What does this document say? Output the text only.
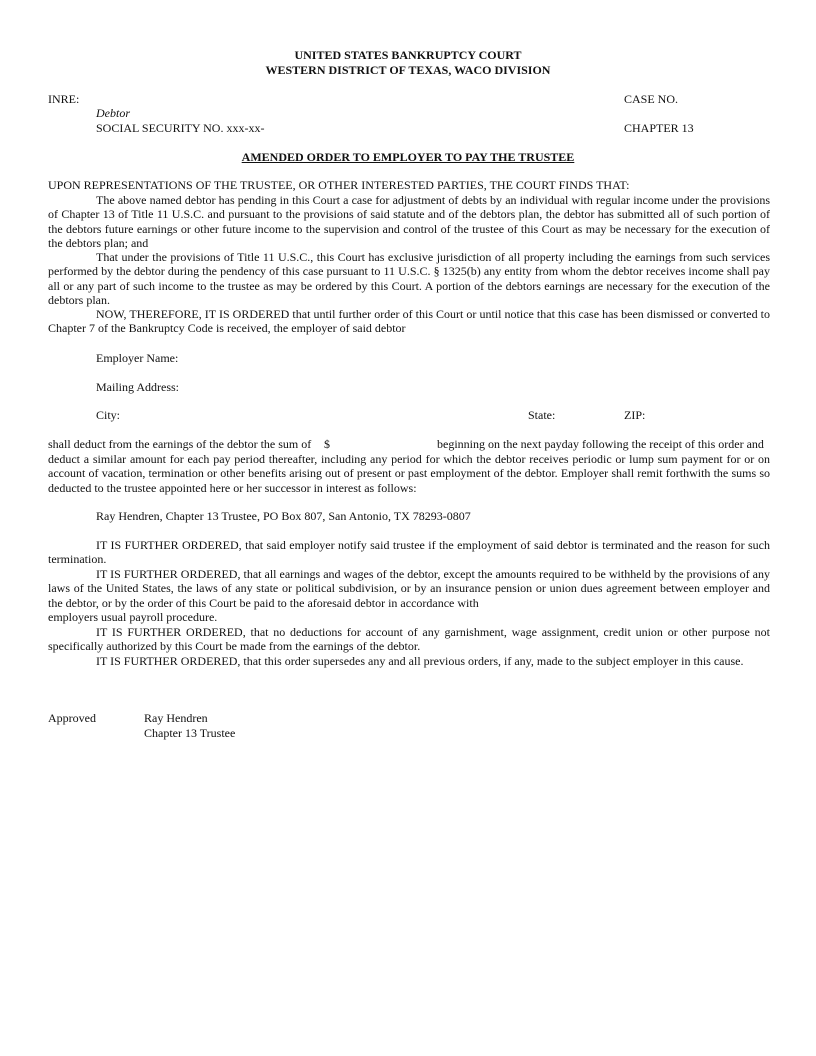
UNITED STATES BANKRUPTCY COURT
WESTERN DISTRICT OF TEXAS, WACO DIVISION
INRE:	CASE NO.
Debtor
SOCIAL SECURITY NO. xxx-xx-	CHAPTER 13
AMENDED ORDER TO EMPLOYER TO PAY THE TRUSTEE
UPON REPRESENTATIONS OF THE TRUSTEE, OR OTHER INTERESTED PARTIES, THE COURT FINDS THAT:
The above named debtor has pending in this Court a case for adjustment of debts by an individual with regular income under the provisions of Chapter 13 of Title 11 U.S.C. and pursuant to the provisions of said statute and of the debtors plan, the debtor has submitted all of such portion of the debtors future earnings or other future income to the supervision and control of the trustee of this Court as may be necessary for the execution of the debtors plan; and
That under the provisions of Title 11 U.S.C., this Court has exclusive jurisdiction of all property including the earnings from such services performed by the debtor during the pendency of this case pursuant to 11 U.S.C. § 1325(b) any entity from whom the debtor receives income shall pay all or any part of such income to the trustee as may be ordered by this Court. A portion of the debtors earnings are necessary for the execution of the debtors plan.
NOW, THEREFORE, IT IS ORDERED that until further order of this Court or until notice that this case has been dismissed or converted to Chapter 7 of the Bankruptcy Code is received, the employer of said debtor
Employer Name:
Mailing Address:
City:	State:	ZIP:
shall deduct from the earnings of the debtor the sum of $	beginning on the next payday following the receipt of this order and
deduct a similar amount for each pay period thereafter, including any period for which the debtor receives periodic or lump sum payment for or on account of vacation, termination or other benefits arising out of present or past employment of the debtor. Employer shall remit forthwith the sums so deducted to the trustee appointed here or her successor in interest as follows:
Ray Hendren, Chapter 13 Trustee, PO Box 807, San Antonio, TX 78293-0807
IT IS FURTHER ORDERED, that said employer notify said trustee if the employment of said debtor is terminated and the reason for such termination.
IT IS FURTHER ORDERED, that all earnings and wages of the debtor, except the amounts required to be withheld by the provisions of any laws of the United States, the laws of any state or political subdivision, or by an insurance pension or union dues agreement between employer and the debtor, or by the order of this Court be paid to the aforesaid debtor in accordance with
employers usual payroll procedure.
IT IS FURTHER ORDERED, that no deductions for account of any garnishment, wage assignment, credit union or other purpose not specifically authorized by this Court be made from the earnings of the debtor.
IT IS FURTHER ORDERED, that this order supersedes any and all previous orders, if any, made to the subject employer in this cause.
Approved	Ray Hendren
Chapter 13 Trustee
